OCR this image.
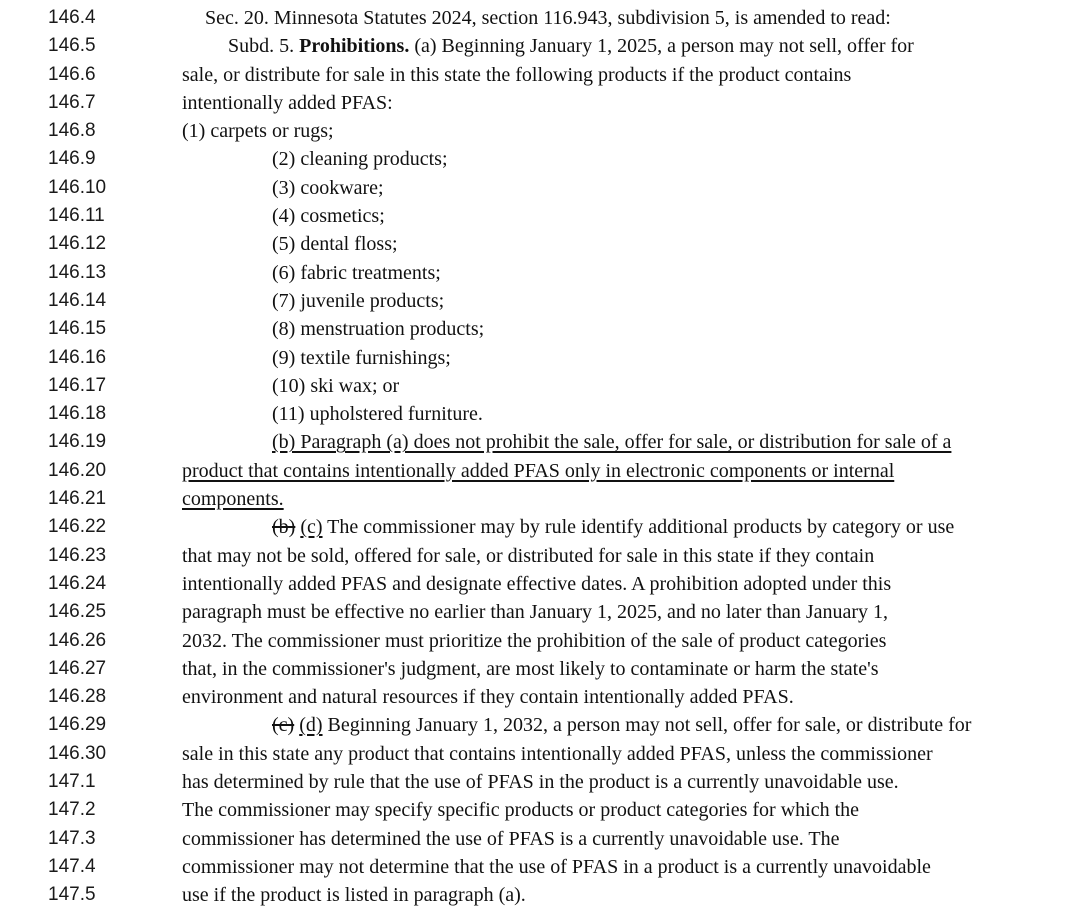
146.4	Sec. 20. Minnesota Statutes 2024, section 116.943, subdivision 5, is amended to read:
146.5	Subd. 5. Prohibitions. (a) Beginning January 1, 2025, a person may not sell, offer for
146.6	sale, or distribute for sale in this state the following products if the product contains
146.7	intentionally added PFAS:
146.8	(1) carpets or rugs;
146.9	(2) cleaning products;
146.10	(3) cookware;
146.11	(4) cosmetics;
146.12	(5) dental floss;
146.13	(6) fabric treatments;
146.14	(7) juvenile products;
146.15	(8) menstruation products;
146.16	(9) textile furnishings;
146.17	(10) ski wax; or
146.18	(11) upholstered furniture.
146.19	(b) Paragraph (a) does not prohibit the sale, offer for sale, or distribution for sale of a
146.20	product that contains intentionally added PFAS only in electronic components or internal
146.21	components.
146.22	(b) (c) The commissioner may by rule identify additional products by category or use
146.23	that may not be sold, offered for sale, or distributed for sale in this state if they contain
146.24	intentionally added PFAS and designate effective dates. A prohibition adopted under this
146.25	paragraph must be effective no earlier than January 1, 2025, and no later than January 1,
146.26	2032. The commissioner must prioritize the prohibition of the sale of product categories
146.27	that, in the commissioner's judgment, are most likely to contaminate or harm the state's
146.28	environment and natural resources if they contain intentionally added PFAS.
146.29	(c) (d) Beginning January 1, 2032, a person may not sell, offer for sale, or distribute for
146.30	sale in this state any product that contains intentionally added PFAS, unless the commissioner
147.1	has determined by rule that the use of PFAS in the product is a currently unavoidable use.
147.2	The commissioner may specify specific products or product categories for which the
147.3	commissioner has determined the use of PFAS is a currently unavoidable use. The
147.4	commissioner may not determine that the use of PFAS in a product is a currently unavoidable
147.5	use if the product is listed in paragraph (a).
